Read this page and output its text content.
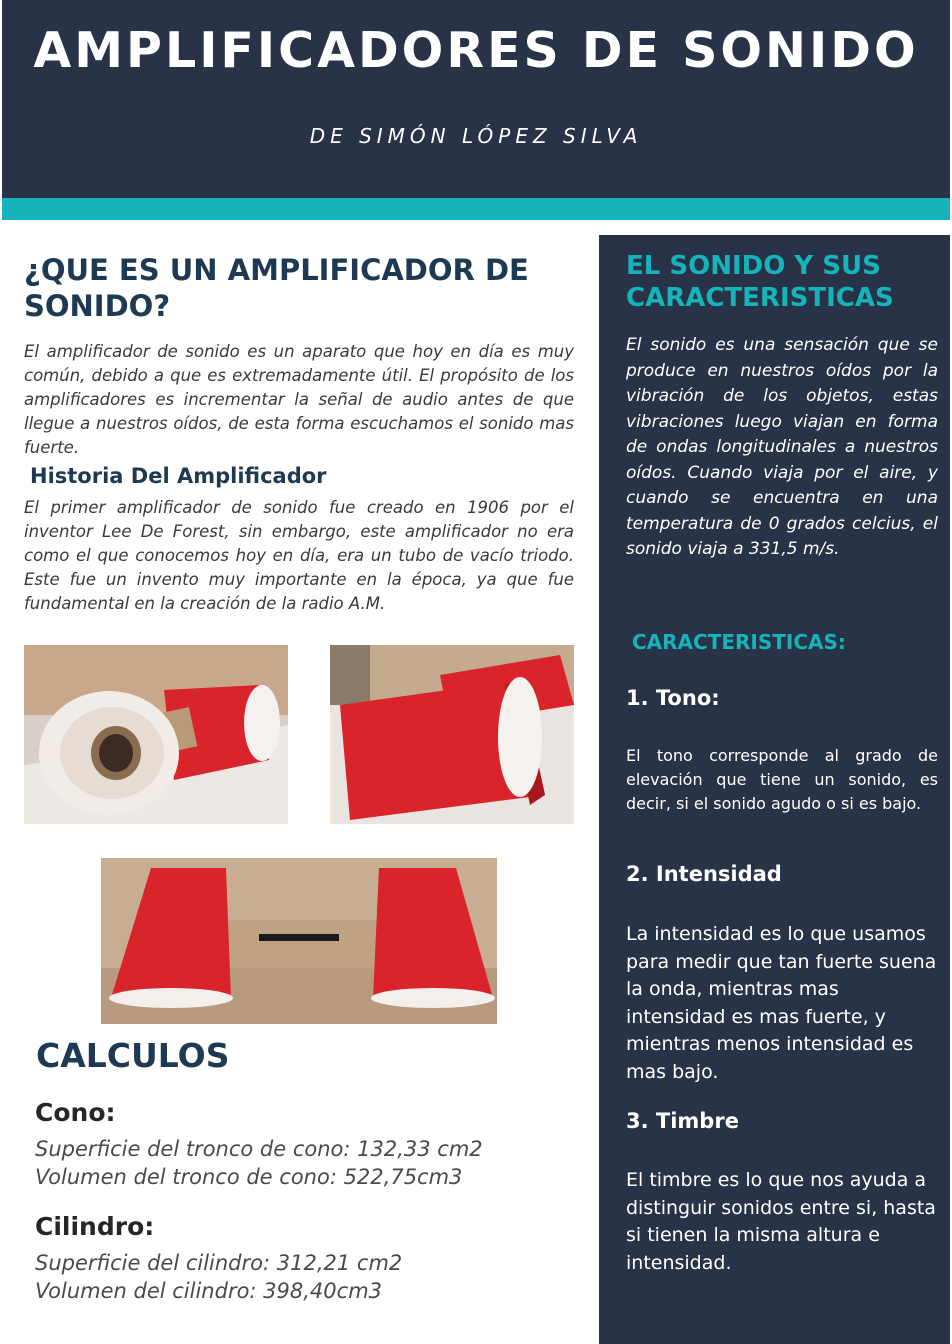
AMPLIFICADORES DE SONIDO
DE SIMÓN LÓPEZ SILVA
¿QUE ES UN AMPLIFICADOR DE SONIDO?

El amplificador de sonido es un aparato que hoy en día es muy común, debido a que es extremadamente útil. El propósito de los amplificadores es incrementar la señal de audio antes de que llegue a nuestros oídos, de esta forma escuchamos el sonido mas fuerte.

Historia Del Amplificador

El primer amplificador de sonido fue creado en 1906 por el inventor Lee De Forest, sin embargo, este amplificador no era como el que conocemos hoy en día, era un tubo de vacío triodo. Este fue un invento muy importante en la época, ya que fue fundamental en la creación de la radio A.M.

CALCULOS
Cono:
Superficie del tronco de cono: 132,33 cm2
Volumen del tronco de cono: 522,75cm3
Cilindro:
Superficie del cilindro: 312,21 cm2
Volumen del cilindro: 398,40cm3
EL SONIDO Y SUS CARACTERISTICAS

El sonido es una sensación que se produce en nuestros oídos por la vibración de los objetos, estas vibraciones luego viajan en forma de ondas longitudinales a nuestros oídos. Cuando viaja por el aire, y cuando se encuentra en una temperatura de 0 grados celcius, el sonido viaja a 331,5 m/s.

CARACTERISTICAS:
1. Tono:

El tono corresponde al grado de elevación que tiene un sonido, es decir, si el sonido agudo o si es bajo.

2. Intensidad

La intensidad es lo que usamos para medir que tan fuerte suena la onda, mientras mas intensidad es mas fuerte, y mientras menos intensidad es mas bajo.

3. Timbre

El timbre es lo que nos ayuda a distinguir sonidos entre si, hasta si tienen la misma altura e intensidad.
